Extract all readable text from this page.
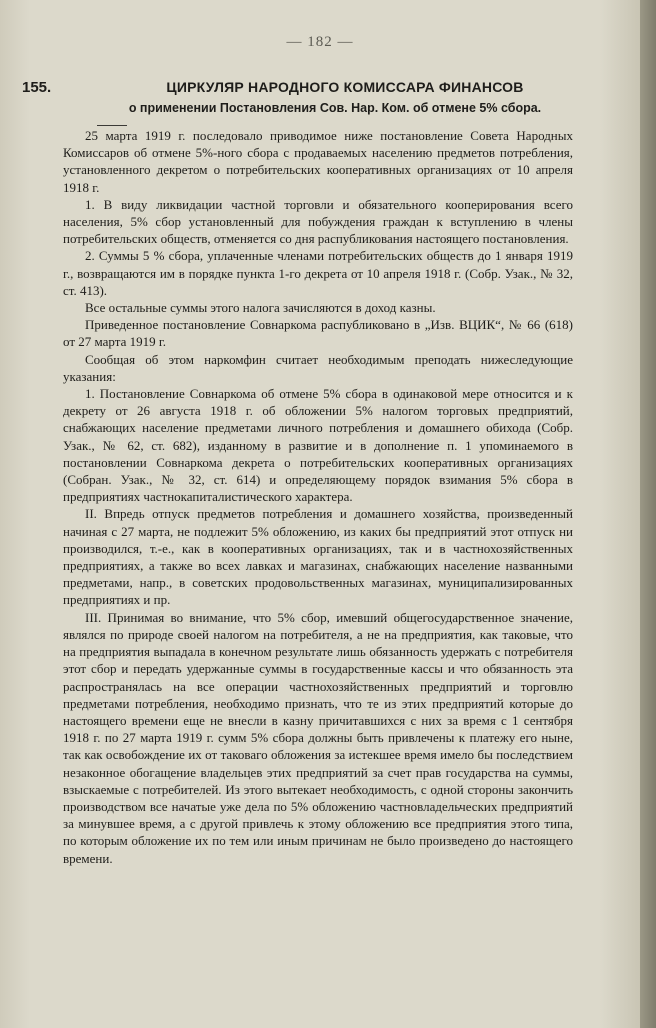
— 182 —
155.	ЦИРКУЛЯР НАРОДНОГО КОМИССАРА ФИНАНСОВ
о применении Постановления Сов. Нар. Ком. об отмене 5% сбора.

25 марта 1919 г. последовало приводимое ниже постановление Совета Народных Комиссаров об отмене 5%-ного сбора с продаваемых населению предметов потребления, установленного декретом о потребительских кооперативных организациях от 10 апреля 1918 г.

1. В виду ликвидации частной торговли и обязательного кооперирования всего населения, 5% сбор установленный для побуждения граждан к вступлению в члены потребительских обществ, отменяется со дня распубликования настоящего постановления.

2. Суммы 5 % сбора, уплаченные членами потребительских обществ до 1 января 1919 г., возвращаются им в порядке пункта 1-го декрета от 10 апреля 1918 г. (Собр. Узак., № 32, ст. 413).

Все остальные суммы этого налога зачисляются в доход казны.

Приведенное постановление Совнаркома распубликовано в „Изв. ВЦИК“, № 66 (618) от 27 марта 1919 г.

Сообщая об этом наркомфин считает необходимым преподать нижеследующие указания:

1. Постановление Совнаркома об отмене 5% сбора в одинаковой мере относится и к декрету от 26 августа 1918 г. об обложении 5% налогом торговых предприятий, снабжающих население предметами личного потребления и домашнего обихода (Собр. Узак., № 62, ст. 682), изданному в развитие и в дополнение п. 1 упоминаемого в постановлении Совнаркома декрета о потребительских кооперативных организациях (Собран. Узак., № 32, ст. 614) и определяющему порядок взимания 5% сбора в предприятиях частнокапиталистического характера.

II. Впредь отпуск предметов потребления и домашнего хозяйства, произведенный начиная с 27 марта, не подлежит 5% обложению, из каких бы предприятий этот отпуск ни производился, т.-е., как в кооперативных организациях, так и в частнохозяйственных предприятиях, а также во всех лавках и магазинах, снабжающих население названными предметами, напр., в советских продовольственных магазинах, муниципализированных предприятиях и пр.

III. Принимая во внимание, что 5% сбор, имевший общегосударственное значение, являлся по природе своей налогом на потребителя, а не на предприятия, как таковые, что на предприятия выпадала в конечном результате лишь обязанность удержать с потребителя этот сбор и передать удержанные суммы в государственные кассы и что обязанность эта распространялась на все операции частнохозяйственных предприятий и торговлю предметами потребления, необходимо признать, что те из этих предприятий которые до настоящего времени еще не внесли в казну причитавшихся с них за время с 1 сентября 1918 г. по 27 марта 1919 г. сумм 5% сбора должны быть привлечены к платежу его ныне, так как освобождение их от таковаго обложения за истекшее время имело бы последствием незаконное обогащение владельцев этих предприятий за счет прав государства на суммы, взыскаемые с потребителей. Из этого вытекает необходимость, с одной стороны закончить производством все начатые уже дела по 5% обложению частновладельческих предприятий за минувшее время, а с другой привлечь к этому обложению все предприятия этого типа, по которым обложение их по тем или иным причинам не было произведено до настоящего времени.
